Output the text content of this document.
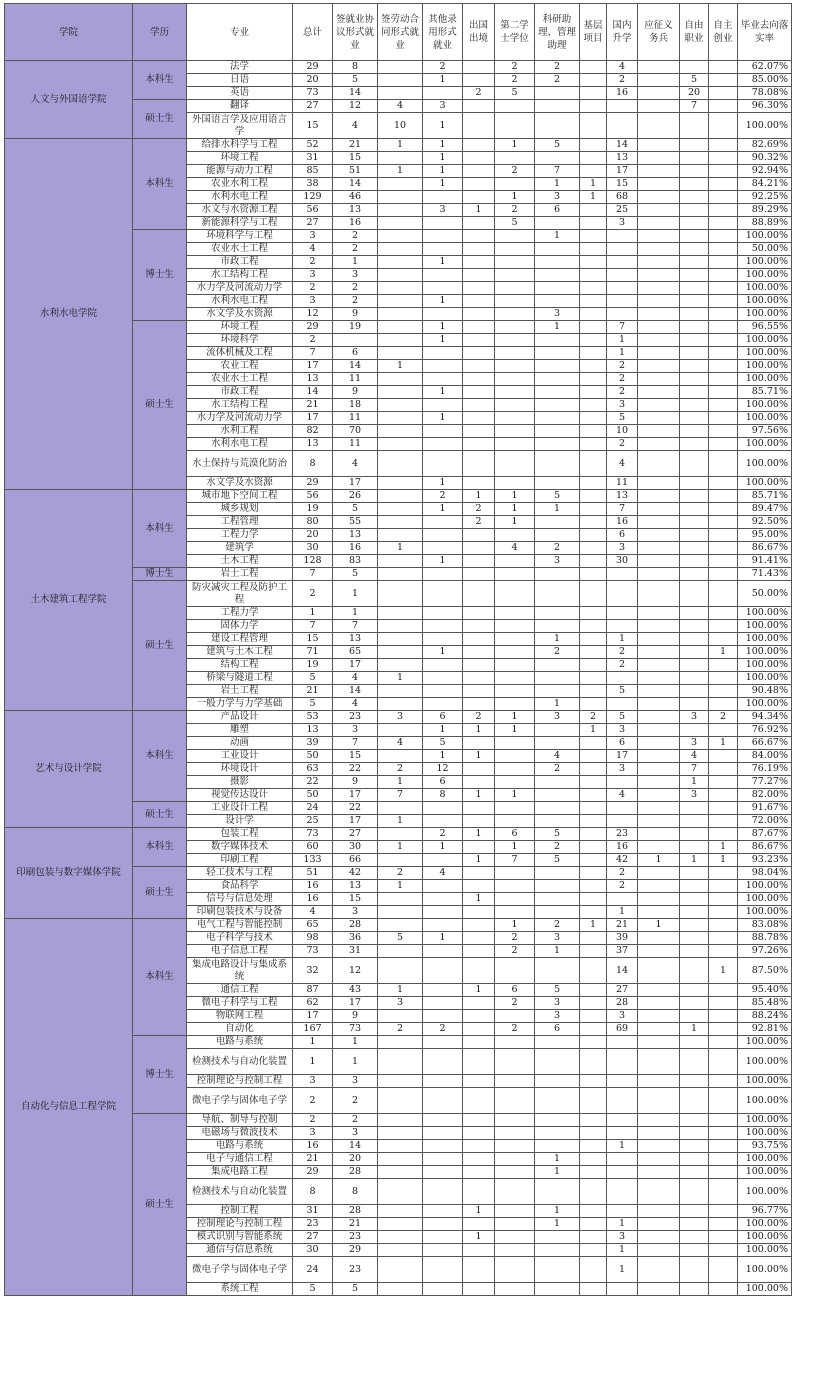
学院	学历	专业	总计	签就业协议形式就业	签劳动合同形式就业	其他录用形式就业	出国出境	第二学士学位	科研助理、管理助理	基层项目	国内升学	应征义务兵	自由职业	自主创业	毕业去向落实率
人文与外国语学院	本科生	法学	29	8		2		2	2		4				62.07%
		日语	20	5		1		2	2		2		5		85.00%
		英语	73	14			2	5			16		20		78.08%
	硕士生	翻译	27	12	4	3							7		96.30%
		外国语言学及应用语言学	15	4	10	1									100.00%
水利水电学院	本科生	给排水科学与工程	52	21	1	1		1	5		14				82.69%
		环境工程	31	15		1					13				90.32%
		能源与动力工程	85	51	1	1		2	7		17				92.94%
		农业水利工程	38	14		1			1	1	15				84.21%
		水利水电工程	129	46				1	3	1	68				92.25%
		水文与水资源工程	56	13		3	1	2	6		25				89.29%
		新能源科学与工程	27	16				5			3				88.89%
	博士生	环境科学与工程	3	2					1						100.00%
		农业水土工程	4	2											50.00%
		市政工程	2	1		1									100.00%
		水工结构工程	3	3											100.00%
		水力学及河流动力学	2	2											100.00%
		水利水电工程	3	2		1									100.00%
		水文学及水资源	12	9					3						100.00%
	硕士生	环境工程	29	19		1			1		7				96.55%
		环境科学	2			1					1				100.00%
		流体机械及工程	7	6							1				100.00%
		农业工程	17	14	1						2				100.00%
		农业水土工程	13	11							2				100.00%
		市政工程	14	9		1					2				85.71%
		水工结构工程	21	18							3				100.00%
		水力学及河流动力学	17	11		1					5				100.00%
		水利工程	82	70							10				97.56%
		水利水电工程	13	11							2				100.00%
		水土保持与荒漠化防治	8	4							4				100.00%
		水文学及水资源	29	17		1					11				100.00%
土木建筑工程学院	本科生	城市地下空间工程	56	26		2	1	1	5		13				85.71%
		城乡规划	19	5		1	2	1	1		7				89.47%
		工程管理	80	55			2	1			16				92.50%
		工程力学	20	13							6				95.00%
		建筑学	30	16	1			4	2		3				86.67%
		土木工程	128	83		1			3		30				91.41%
	博士生	岩土工程	7	5											71.43%
	硕士生	防灾减灾工程及防护工程	2	1											50.00%
		工程力学	1	1											100.00%
		固体力学	7	7											100.00%
		建设工程管理	15	13					1		1				100.00%
		建筑与土木工程	71	65		1			2		2			1	100.00%
		结构工程	19	17							2				100.00%
		桥梁与隧道工程	5	4	1										100.00%
		岩土工程	21	14							5				90.48%
		一般力学与力学基础	5	4					1						100.00%
艺术与设计学院	本科生	产品设计	53	23	3	6	2	1	3	2	5		3	2	94.34%
		雕塑	13	3		1	1	1		1	3				76.92%
		动画	39	7	4	5					6		3	1	66.67%
		工业设计	50	15		1	1		4		17		4		84.00%
		环境设计	63	22	2	12			2		3		7		76.19%
		摄影	22	9	1	6							1		77.27%
		视觉传达设计	50	17	7	8	1	1			4		3		82.00%
	硕士生	工业设计工程	24	22											91.67%
		设计学	25	17	1										72.00%
印刷包装与数字媒体学院	本科生	包装工程	73	27		2	1	6	5		23				87.67%
		数字媒体技术	60	30	1	1		1	2		16			1	86.67%
		印刷工程	133	66			1	7	5		42	1	1	1	93.23%
	硕士生	轻工技术与工程	51	42	2	4					2				98.04%
		食品科学	16	13	1						2				100.00%
		信号与信息处理	16	15			1								100.00%
		印刷包装技术与设备	4	3							1				100.00%
自动化与信息工程学院	本科生	电气工程与智能控制	65	28				1	2	1	21	1			83.08%
		电子科学与技术	98	36	5	1		2	3		39				88.78%
		电子信息工程	73	31				2	1		37				97.26%
		集成电路设计与集成系统	32	12							14			1	87.50%
		通信工程	87	43	1		1	6	5		27				95.40%
		微电子科学与工程	62	17	3			2	3		28				85.48%
		物联网工程	17	9					3		3				88.24%
		自动化	167	73	2	2		2	6		69		1		92.81%
	博士生	电路与系统	1	1											100.00%
		检测技术与自动化装置	1	1											100.00%
		控制理论与控制工程	3	3											100.00%
		微电子学与固体电子学	2	2											100.00%
	硕士生	导航、制导与控制	2	2											100.00%
		电磁场与微波技术	3	3											100.00%
		电路与系统	16	14							1				93.75%
		电子与通信工程	21	20					1						100.00%
		集成电路工程	29	28					1						100.00%
		检测技术与自动化装置	8	8											100.00%
		控制工程	31	28			1		1						96.77%
		控制理论与控制工程	23	21					1		1				100.00%
		模式识别与智能系统	27	23			1				3				100.00%
		通信与信息系统	30	29							1				100.00%
		微电子学与固体电子学	24	23							1				100.00%
		系统工程	5	5											100.00%
